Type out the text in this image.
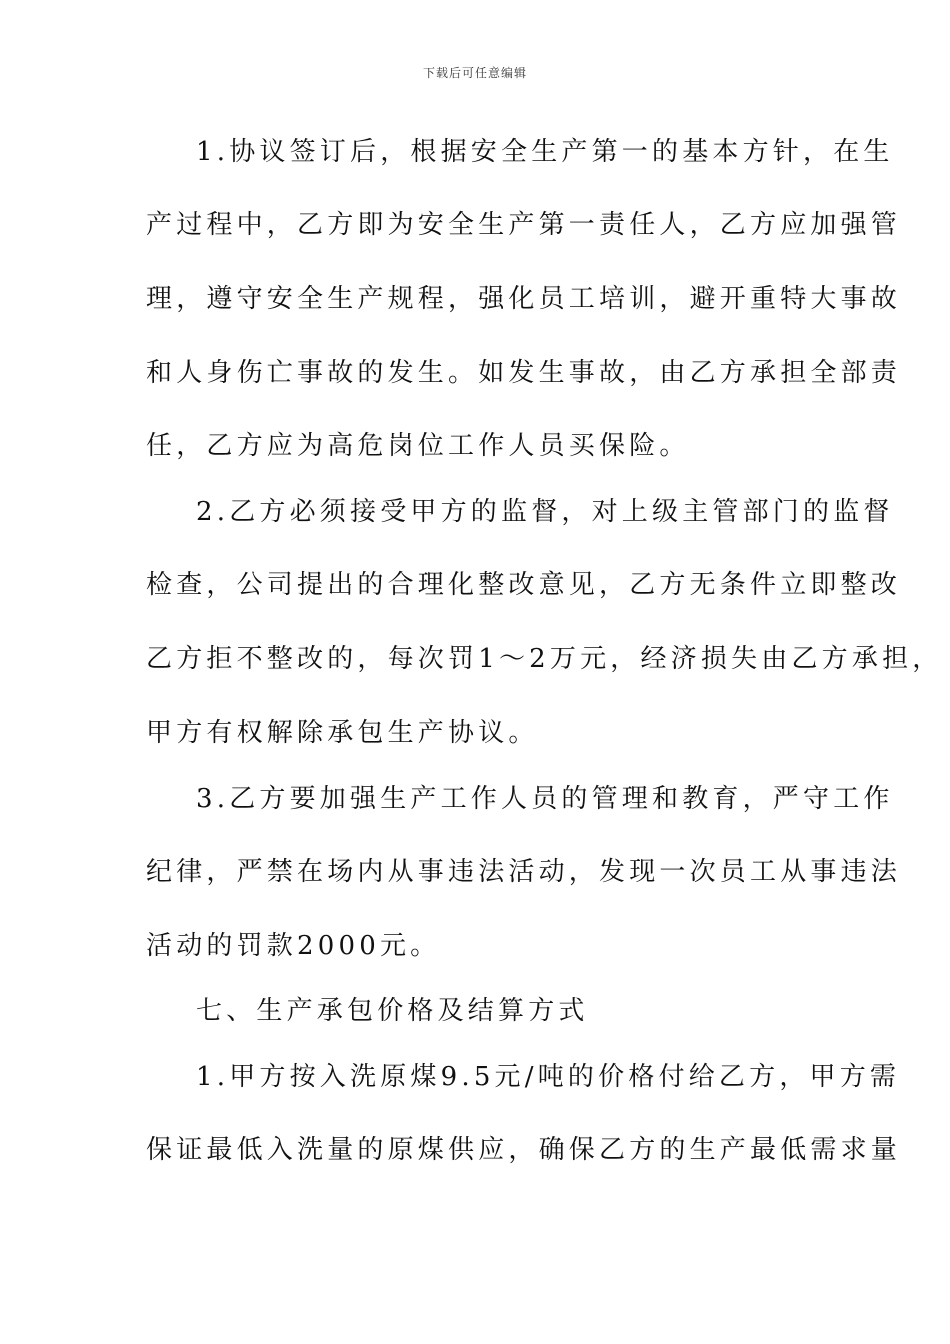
下载后可任意编辑
1.协议签订后，根据安全生产第一的基本方针，在生
产过程中，乙方即为安全生产第一责任人，乙方应加强管
理，遵守安全生产规程，强化员工培训，避开重特大事故
和人身伤亡事故的发生。如发生事故，由乙方承担全部责
任，乙方应为高危岗位工作人员买保险。
2.乙方必须接受甲方的监督，对上级主管部门的监督
检查，公司提出的合理化整改意见，乙方无条件立即整改
乙方拒不整改的，每次罚1～2万元，经济损失由乙方承担，
甲方有权解除承包生产协议。
3.乙方要加强生产工作人员的管理和教育，严守工作
纪律，严禁在场内从事违法活动，发现一次员工从事违法
活动的罚款2000元。
七、生产承包价格及结算方式
1.甲方按入洗原煤9.5元/吨的价格付给乙方，甲方需
保证最低入洗量的原煤供应，确保乙方的生产最低需求量
